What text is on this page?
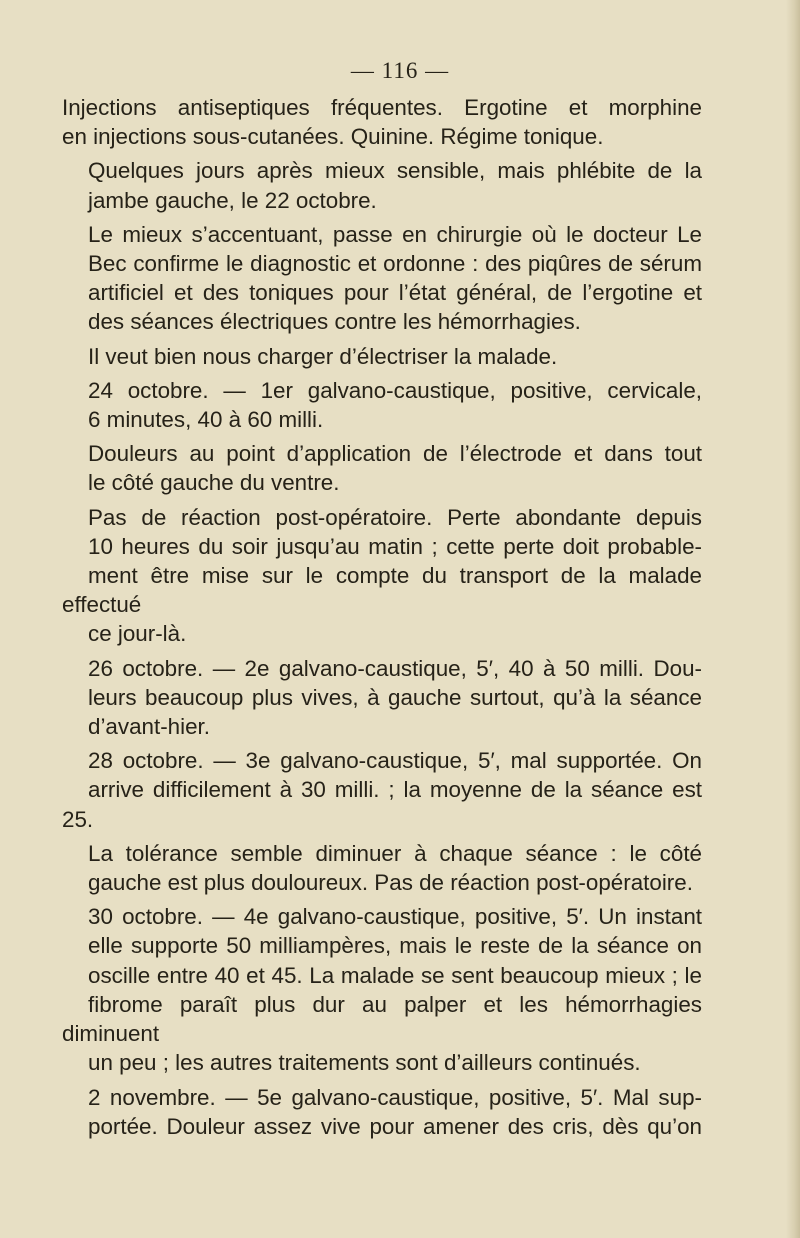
— 116 —

Injections antiseptiques fréquentes. Ergotine et morphine
en injections sous-cutanées. Quinine. Régime tonique.

Quelques jours après mieux sensible, mais phlébite de la
jambe gauche, le 22 octobre.

Le mieux s’accentuant, passe en chirurgie où le docteur Le
Bec confirme le diagnostic et ordonne : des piqûres de sérum
artificiel et des toniques pour l’état général, de l’ergotine et
des séances électriques contre les hémorrhagies.

Il veut bien nous charger d’électriser la malade.

24 octobre. — 1er galvano-caustique, positive, cervicale,
6 minutes, 40 à 60 milli.

Douleurs au point d’application de l’électrode et dans tout
le côté gauche du ventre.

Pas de réaction post-opératoire. Perte abondante depuis
10 heures du soir jusqu’au matin ; cette perte doit probable-
ment être mise sur le compte du transport de la malade effectué
ce jour-là.

26 octobre. — 2e galvano-caustique, 5′, 40 à 50 milli. Dou-
leurs beaucoup plus vives, à gauche surtout, qu’à la séance
d’avant-hier.

28 octobre. — 3e galvano-caustique, 5′, mal supportée. On
arrive difficilement à 30 milli. ; la moyenne de la séance est 25.

La tolérance semble diminuer à chaque séance : le côté
gauche est plus douloureux. Pas de réaction post-opératoire.

30 octobre. — 4e galvano-caustique, positive, 5′. Un instant
elle supporte 50 milliampères, mais le reste de la séance on
oscille entre 40 et 45. La malade se sent beaucoup mieux ; le
fibrome paraît plus dur au palper et les hémorrhagies diminuent
un peu ; les autres traitements sont d’ailleurs continués.

2 novembre. — 5e galvano-caustique, positive, 5′. Mal sup-
portée. Douleur assez vive pour amener des cris, dès qu’on
